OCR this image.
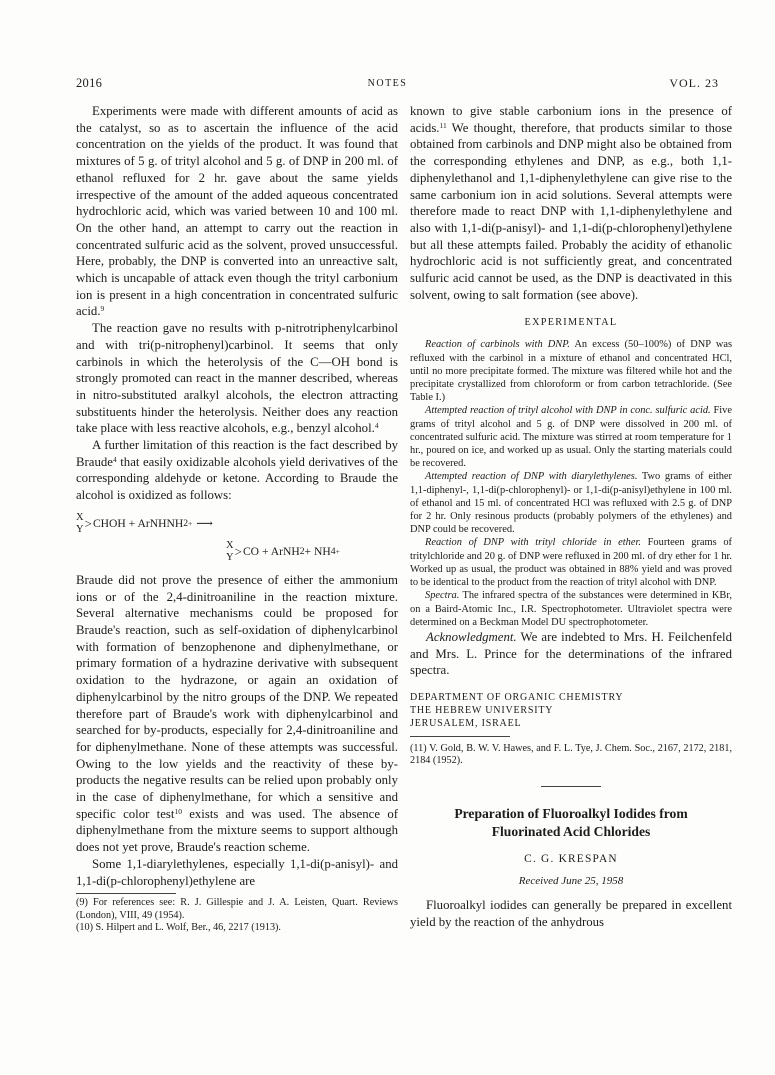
2016	NOTES	VOL. 23

Experiments were made with different amounts of acid as the catalyst, so as to ascertain the influence of the acid concentration on the yields of the product. It was found that mixtures of 5 g. of trityl alcohol and 5 g. of DNP in 200 ml. of ethanol refluxed for 2 hr. gave about the same yields irrespective of the amount of the added aqueous concentrated hydrochloric acid, which was varied between 10 and 100 ml. On the other hand, an attempt to carry out the reaction in concentrated sulfuric acid as the solvent, proved unsuccessful. Here, probably, the DNP is converted into an unreactive salt, which is uncapable of attack even though the trityl carbonium ion is present in a high concentration in concentrated sulfuric acid.$^9$

The reaction gave no results with p-nitrotriphenylcarbinol and with tri(p-nitrophenyl)carbinol. It seems that only carbinols in which the heterolysis of the C—OH bond is strongly promoted can react in the manner described, whereas in nitro-substituted aralkyl alcohols, the electron attracting substituents hinder the heterolysis. Neither does any reaction take place with less reactive alcohols, e.g., benzyl alcohol.$^4$

A further limitation of this reaction is the fact described by Braude$^4$ that easily oxidizable alcohols yield derivatives of the corresponding aldehyde or ketone. According to Braude the alcohol is oxidized as follows:

X
Y > CHOH + ArNHNH 2 + ⟶
X
Y > CO + ArNH 2 + NH 4 +

Braude did not prove the presence of either the ammonium ions or of the 2,4-dinitroaniline in the reaction mixture. Several alternative mechanisms could be proposed for Braude's reaction, such as self-oxidation of diphenylcarbinol with formation of benzophenone and diphenylmethane, or primary formation of a hydrazine derivative with subsequent oxidation to the hydrazone, or again an oxidation of diphenylcarbinol by the nitro groups of the DNP. We repeated therefore part of Braude's work with diphenylcarbinol and searched for by-products, especially for 2,4-dinitroaniline and for diphenylmethane. None of these attempts was successful. Owing to the low yields and the reactivity of these by-products the negative results can be relied upon probably only in the case of diphenylmethane, for which a sensitive and specific color test$^{10}$ exists and was used. The absence of diphenylmethane from the mixture seems to support although does not yet prove, Braude's reaction scheme.

Some 1,1-diarylethylenes, especially 1,1-di(p-anisyl)- and 1,1-di(p-chlorophenyl)ethylene are

(9) For references see: R. J. Gillespie and J. A. Leisten, Quart. Reviews (London), VIII, 49 (1954).

(10) S. Hilpert and L. Wolf, Ber., 46, 2217 (1913).

known to give stable carbonium ions in the presence of acids.$^{11}$ We thought, therefore, that products similar to those obtained from carbinols and DNP might also be obtained from the corresponding ethylenes and DNP, as e.g., both 1,1-diphenylethanol and 1,1-diphenylethylene can give rise to the same carbonium ion in acid solutions. Several attempts were therefore made to react DNP with 1,1-diphenylethylene and also with 1,1-di(p-anisyl)- and 1,1-di(p-chlorophenyl)ethylene but all these attempts failed. Probably the acidity of ethanolic hydrochloric acid is not sufficiently great, and concentrated sulfuric acid cannot be used, as the DNP is deactivated in this solvent, owing to salt formation (see above).

EXPERIMENTAL

Reaction of carbinols with DNP. An excess (50–100%) of DNP was refluxed with the carbinol in a mixture of ethanol and concentrated HCl, until no more precipitate formed. The mixture was filtered while hot and the precipitate crystallized from chloroform or from carbon tetrachloride. (See Table I.)

Attempted reaction of trityl alcohol with DNP in conc. sulfuric acid. Five grams of trityl alcohol and 5 g. of DNP were dissolved in 200 ml. of concentrated sulfuric acid. The mixture was stirred at room temperature for 1 hr., poured on ice, and worked up as usual. Only the starting materials could be recovered.

Attempted reaction of DNP with diarylethylenes. Two grams of either 1,1-diphenyl-, 1,1-di(p-chlorophenyl)- or 1,1-di(p-anisyl)ethylene in 100 ml. of ethanol and 15 ml. of concentrated HCl was refluxed with 2.5 g. of DNP for 2 hr. Only resinous products (probably polymers of the ethylenes) and DNP could be recovered.

Reaction of DNP with trityl chloride in ether. Fourteen grams of tritylchloride and 20 g. of DNP were refluxed in 200 ml. of dry ether for 1 hr. Worked up as usual, the product was obtained in 88% yield and was proved to be identical to the product from the reaction of trityl alcohol with DNP.

Spectra. The infrared spectra of the substances were determined in KBr, on a Baird-Atomic Inc., I.R. Spectrophotometer. Ultraviolet spectra were determined on a Beckman Model DU spectrophotometer.

Acknowledgment. We are indebted to Mrs. H. Feilchenfeld and Mrs. L. Prince for the determinations of the infrared spectra.

DEPARTMENT OF ORGANIC CHEMISTRY
THE HEBREW UNIVERSITY
JERUSALEM, ISRAEL

(11) V. Gold, B. W. V. Hawes, and F. L. Tye, J. Chem. Soc., 2167, 2172, 2181, 2184 (1952).

Preparation of Fluoroalkyl Iodides from Fluorinated Acid Chlorides
C. G. KRESPAN
Received June 25, 1958

Fluoroalkyl iodides can generally be prepared in excellent yield by the reaction of the anhydrous
